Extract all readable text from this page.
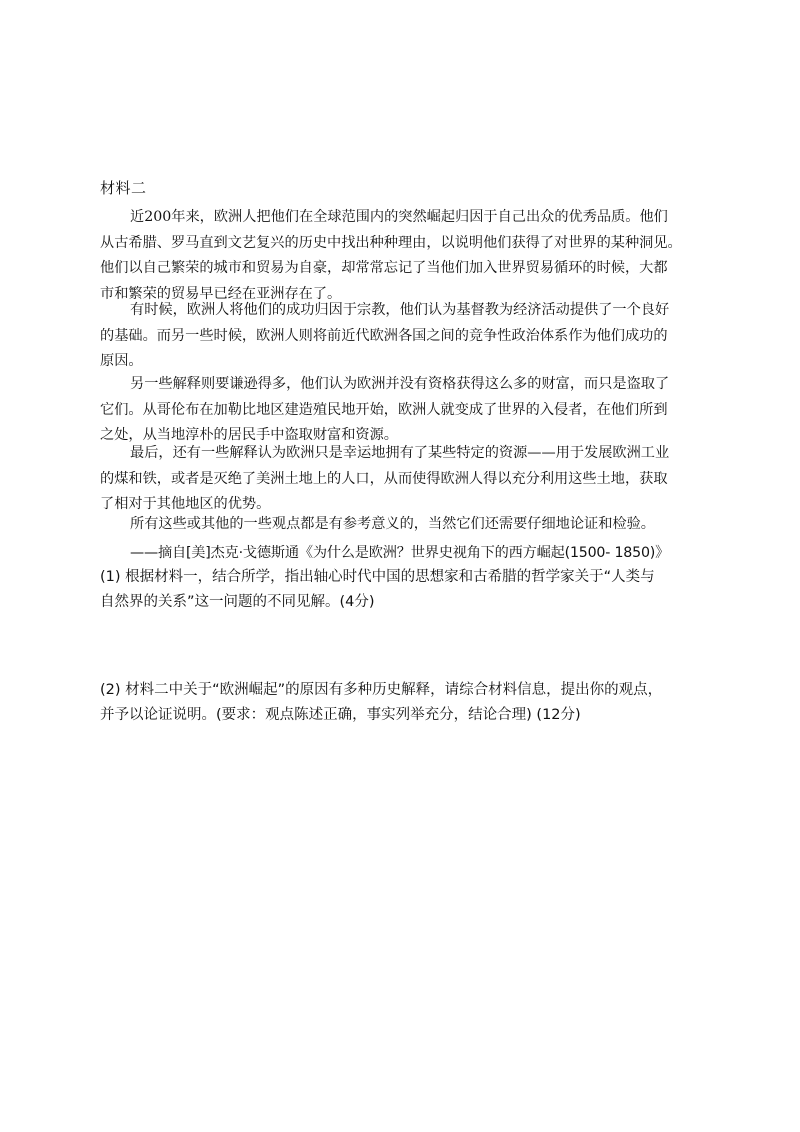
材料二

近200年来，欧洲人把他们在全球范围内的突然崛起归因于自己出众的优秀品质。他们
从古希腊、罗马直到文艺复兴的历史中找出种种理由，以说明他们获得了对世界的某种洞见。
他们以自己繁荣的城市和贸易为自豪，却常常忘记了当他们加入世界贸易循环的时候，大都
市和繁荣的贸易早已经在亚洲存在了。

有时候，欧洲人将他们的成功归因于宗教，他们认为基督教为经济活动提供了一个良好
的基础。而另一些时候，欧洲人则将前近代欧洲各国之间的竞争性政治体系作为他们成功的
原因。

另一些解释则要谦逊得多，他们认为欧洲并没有资格获得这么多的财富，而只是盗取了
它们。从哥伦布在加勒比地区建造殖民地开始，欧洲人就变成了世界的入侵者，在他们所到
之处，从当地淳朴的居民手中盗取财富和资源。

最后，还有一些解释认为欧洲只是幸运地拥有了某些特定的资源——用于发展欧洲工业
的煤和铁，或者是灭绝了美洲土地上的人口，从而使得欧洲人得以充分利用这些土地，获取
了相对于其他地区的优势。

所有这些或其他的一些观点都是有参考意义的，当然它们还需要仔细地论证和检验。

——摘自[美]杰克·戈德斯通《为什么是欧洲？世界史视角下的西方崛起(1500- 1850)》

(1) 根据材料一，结合所学，指出轴心时代中国的思想家和古希腊的哲学家关于“人类与
自然界的关系”这一问题的不同见解。(4分)

(2) 材料二中关于“欧洲崛起”的原因有多种历史解释，请综合材料信息，提出你的观点，
并予以论证说明。(要求：观点陈述正确，事实列举充分，结论合理) (12分)
